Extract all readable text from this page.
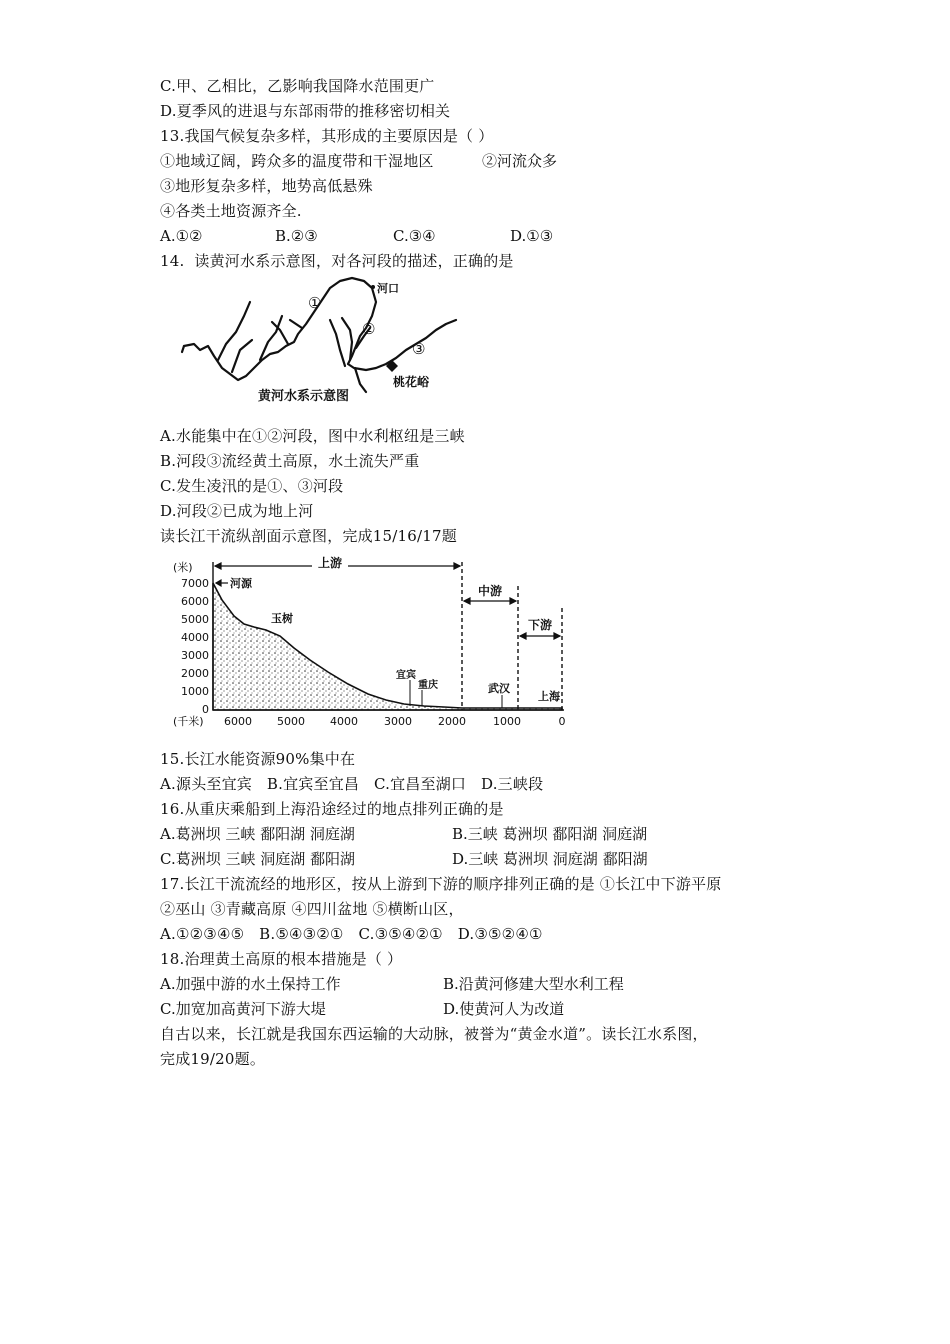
C.甲、乙相比，乙影响我国降水范围更广
D.夏季风的进退与东部雨带的推移密切相关
13.我国气候复杂多样，其形成的主要原因是（ ）
①地域辽阔，跨众多的温度带和干湿地区	②河流众多
③地形复杂多样，地势高低悬殊
④各类土地资源齐全.
A.①②	B.②③	C.③④	D.①③
14.  读黄河水系示意图，对各河段的描述，正确的是
①
②
③
河口
桃花峪
黄河水系示意图
A.水能集中在①②河段，图中水利枢纽是三峡
B.河段③流经黄土高原，水土流失严重
C.发生凌汛的是①、③河段
D.河段②已成为地上河
读长江干流纵剖面示意图，完成15/16/17题
7000
6000
5000
4000
3000
2000
1000
0
(米)
6000 5000 4000 3000 2000 1000	0
(千米)
上游
中游
下游
河源
玉树
宜宾
重庆	武汉
上海
15.长江水能资源90%集中在
A.源头至宜宾   B.宜宾至宜昌   C.宜昌至湖口   D.三峡段
16.从重庆乘船到上海沿途经过的地点排列正确的是
A.葛洲坝 三峡 鄱阳湖 洞庭湖	B.三峡 葛洲坝 鄱阳湖 洞庭湖
C.葛洲坝 三峡 洞庭湖 鄱阳湖	D.三峡 葛洲坝 洞庭湖 鄱阳湖
17.长江干流流经的地形区，按从上游到下游的顺序排列正确的是 ①长江中下游平原
②巫山 ③青藏高原 ④四川盆地 ⑤横断山区，
A.①②③④⑤   B.⑤④③②①   C.③⑤④②①   D.③⑤②④①
18.治理黄土高原的根本措施是（ ）
A.加强中游的水土保持工作	B.沿黄河修建大型水利工程
C.加宽加高黄河下游大堤	D.使黄河人为改道
自古以来，长江就是我国东西运输的大动脉，被誉为“黄金水道”。读长江水系图，
完成19/20题。
